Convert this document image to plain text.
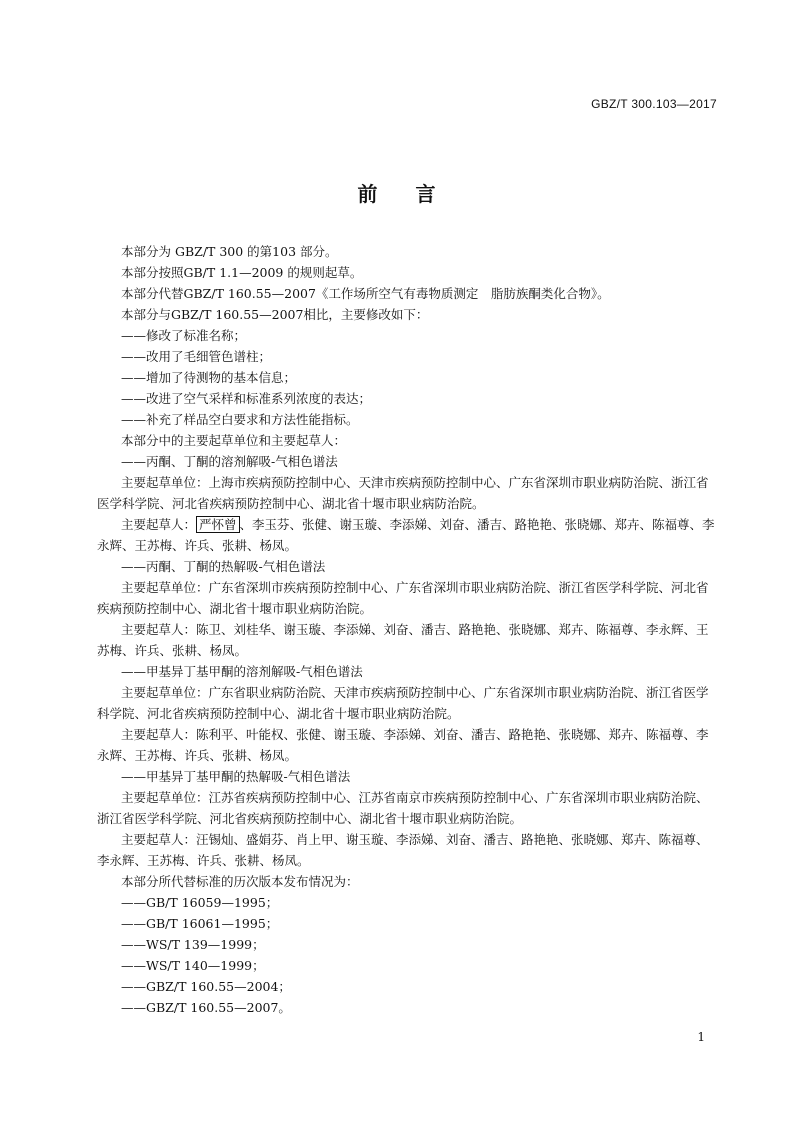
GBZ/T 300.103—2017
前言

本部分为 GBZ/T 300 的第103 部分。

本部分按照GB/T 1.1—2009 的规则起草。

本部分代替GBZ/T 160.55—2007《工作场所空气有毒物质测定　脂肪族酮类化合物》。

本部分与GBZ/T 160.55—2007相比，主要修改如下：

——修改了标准名称；

——改用了毛细管色谱柱；

——增加了待测物的基本信息；

——改进了空气采样和标准系列浓度的表达；

——补充了样品空白要求和方法性能指标。

本部分中的主要起草单位和主要起草人：

——丙酮、丁酮的溶剂解吸-气相色谱法

主要起草单位：上海市疾病预防控制中心、天津市疾病预防控制中心、广东省深圳市职业病防治院、浙江省医学科学院、河北省疾病预防控制中心、湖北省十堰市职业病防治院。

主要起草人： 严怀曾 、李玉芬、张健、谢玉璇、李添娣、刘奋、潘吉、路艳艳、张晓娜、郑卉、陈福尊、李永辉、王苏梅、许兵、张耕、杨凤。

——丙酮、丁酮的热解吸-气相色谱法

主要起草单位：广东省深圳市疾病预防控制中心、广东省深圳市职业病防治院、浙江省医学科学院、河北省疾病预防控制中心、湖北省十堰市职业病防治院。

主要起草人：陈卫、刘桂华、谢玉璇、李添娣、刘奋、潘吉、路艳艳、张晓娜、郑卉、陈福尊、李永辉、王苏梅、许兵、张耕、杨凤。

——甲基异丁基甲酮的溶剂解吸-气相色谱法

主要起草单位：广东省职业病防治院、天津市疾病预防控制中心、广东省深圳市职业病防治院、浙江省医学科学院、河北省疾病预防控制中心、湖北省十堰市职业病防治院。

主要起草人：陈利平、叶能权、张健、谢玉璇、李添娣、刘奋、潘吉、路艳艳、张晓娜、郑卉、陈福尊、李永辉、王苏梅、许兵、张耕、杨凤。

——甲基异丁基甲酮的热解吸-气相色谱法

主要起草单位：江苏省疾病预防控制中心、江苏省南京市疾病预防控制中心、广东省深圳市职业病防治院、浙江省医学科学院、河北省疾病预防控制中心、湖北省十堰市职业病防治院。

主要起草人：汪锡灿、盛娟芬、肖上甲、谢玉璇、李添娣、刘奋、潘吉、路艳艳、张晓娜、郑卉、陈福尊、李永辉、王苏梅、许兵、张耕、杨凤。

本部分所代替标准的历次版本发布情况为：

——GB/T 16059—1995；

——GB/T 16061—1995；

——WS/T 139—1999；

——WS/T 140—1999；

——GBZ/T 160.55—2004；

——GBZ/T 160.55—2007。

1
